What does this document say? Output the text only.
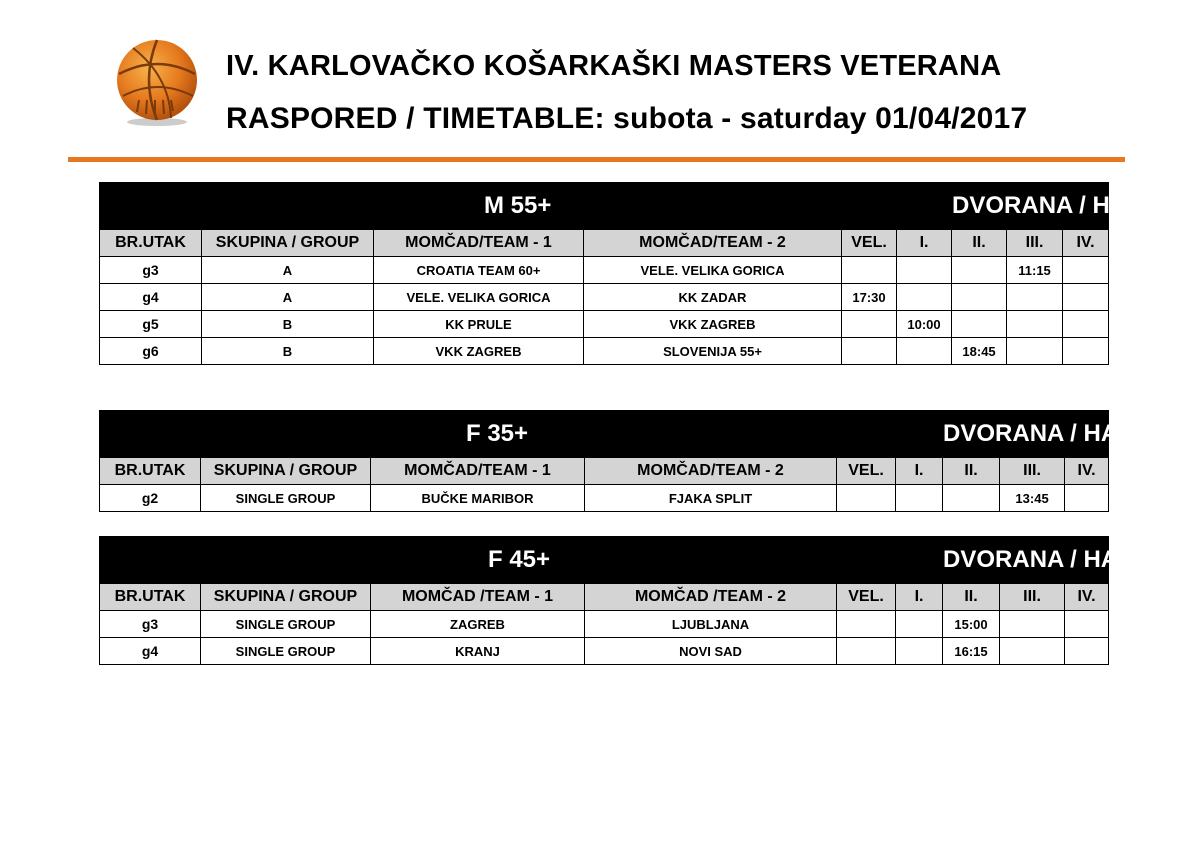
IV. KARLOVAČKO KOŠARKAŠKI MASTERS VETERANA
RASPORED / TIMETABLE: subota - saturday 01/04/2017
M 55+						DVORANA / HALL		
BR.UTAK	SKUPINA / GROUP	MOMČAD/TEAM - 1	MOMČAD/TEAM - 2	VEL.	I.	II.	III.	IV.
g3	A	CROATIA TEAM 60+	VELE. VELIKA GORICA				11:15	
g4	A	VELE. VELIKA GORICA	KK ZADAR	17:30				
g5	B	KK PRULE	VKK ZAGREB		10:00			
g6	B	VKK ZAGREB	SLOVENIJA 55+			18:45		
F 35+						DVORANA / HALL		
BR.UTAK	SKUPINA / GROUP	MOMČAD/TEAM - 1	MOMČAD/TEAM - 2	VEL.	I.	II.	III.	IV.
g2	SINGLE GROUP	BUČKE MARIBOR	FJAKA SPLIT				13:45	
F 45+						DVORANA / HALL		
BR.UTAK	SKUPINA / GROUP	MOMČAD /TEAM - 1	MOMČAD /TEAM - 2	VEL.	I.	II.	III.	IV.
g3	SINGLE GROUP	ZAGREB	LJUBLJANA			15:00		
g4	SINGLE GROUP	KRANJ	NOVI SAD			16:15		
